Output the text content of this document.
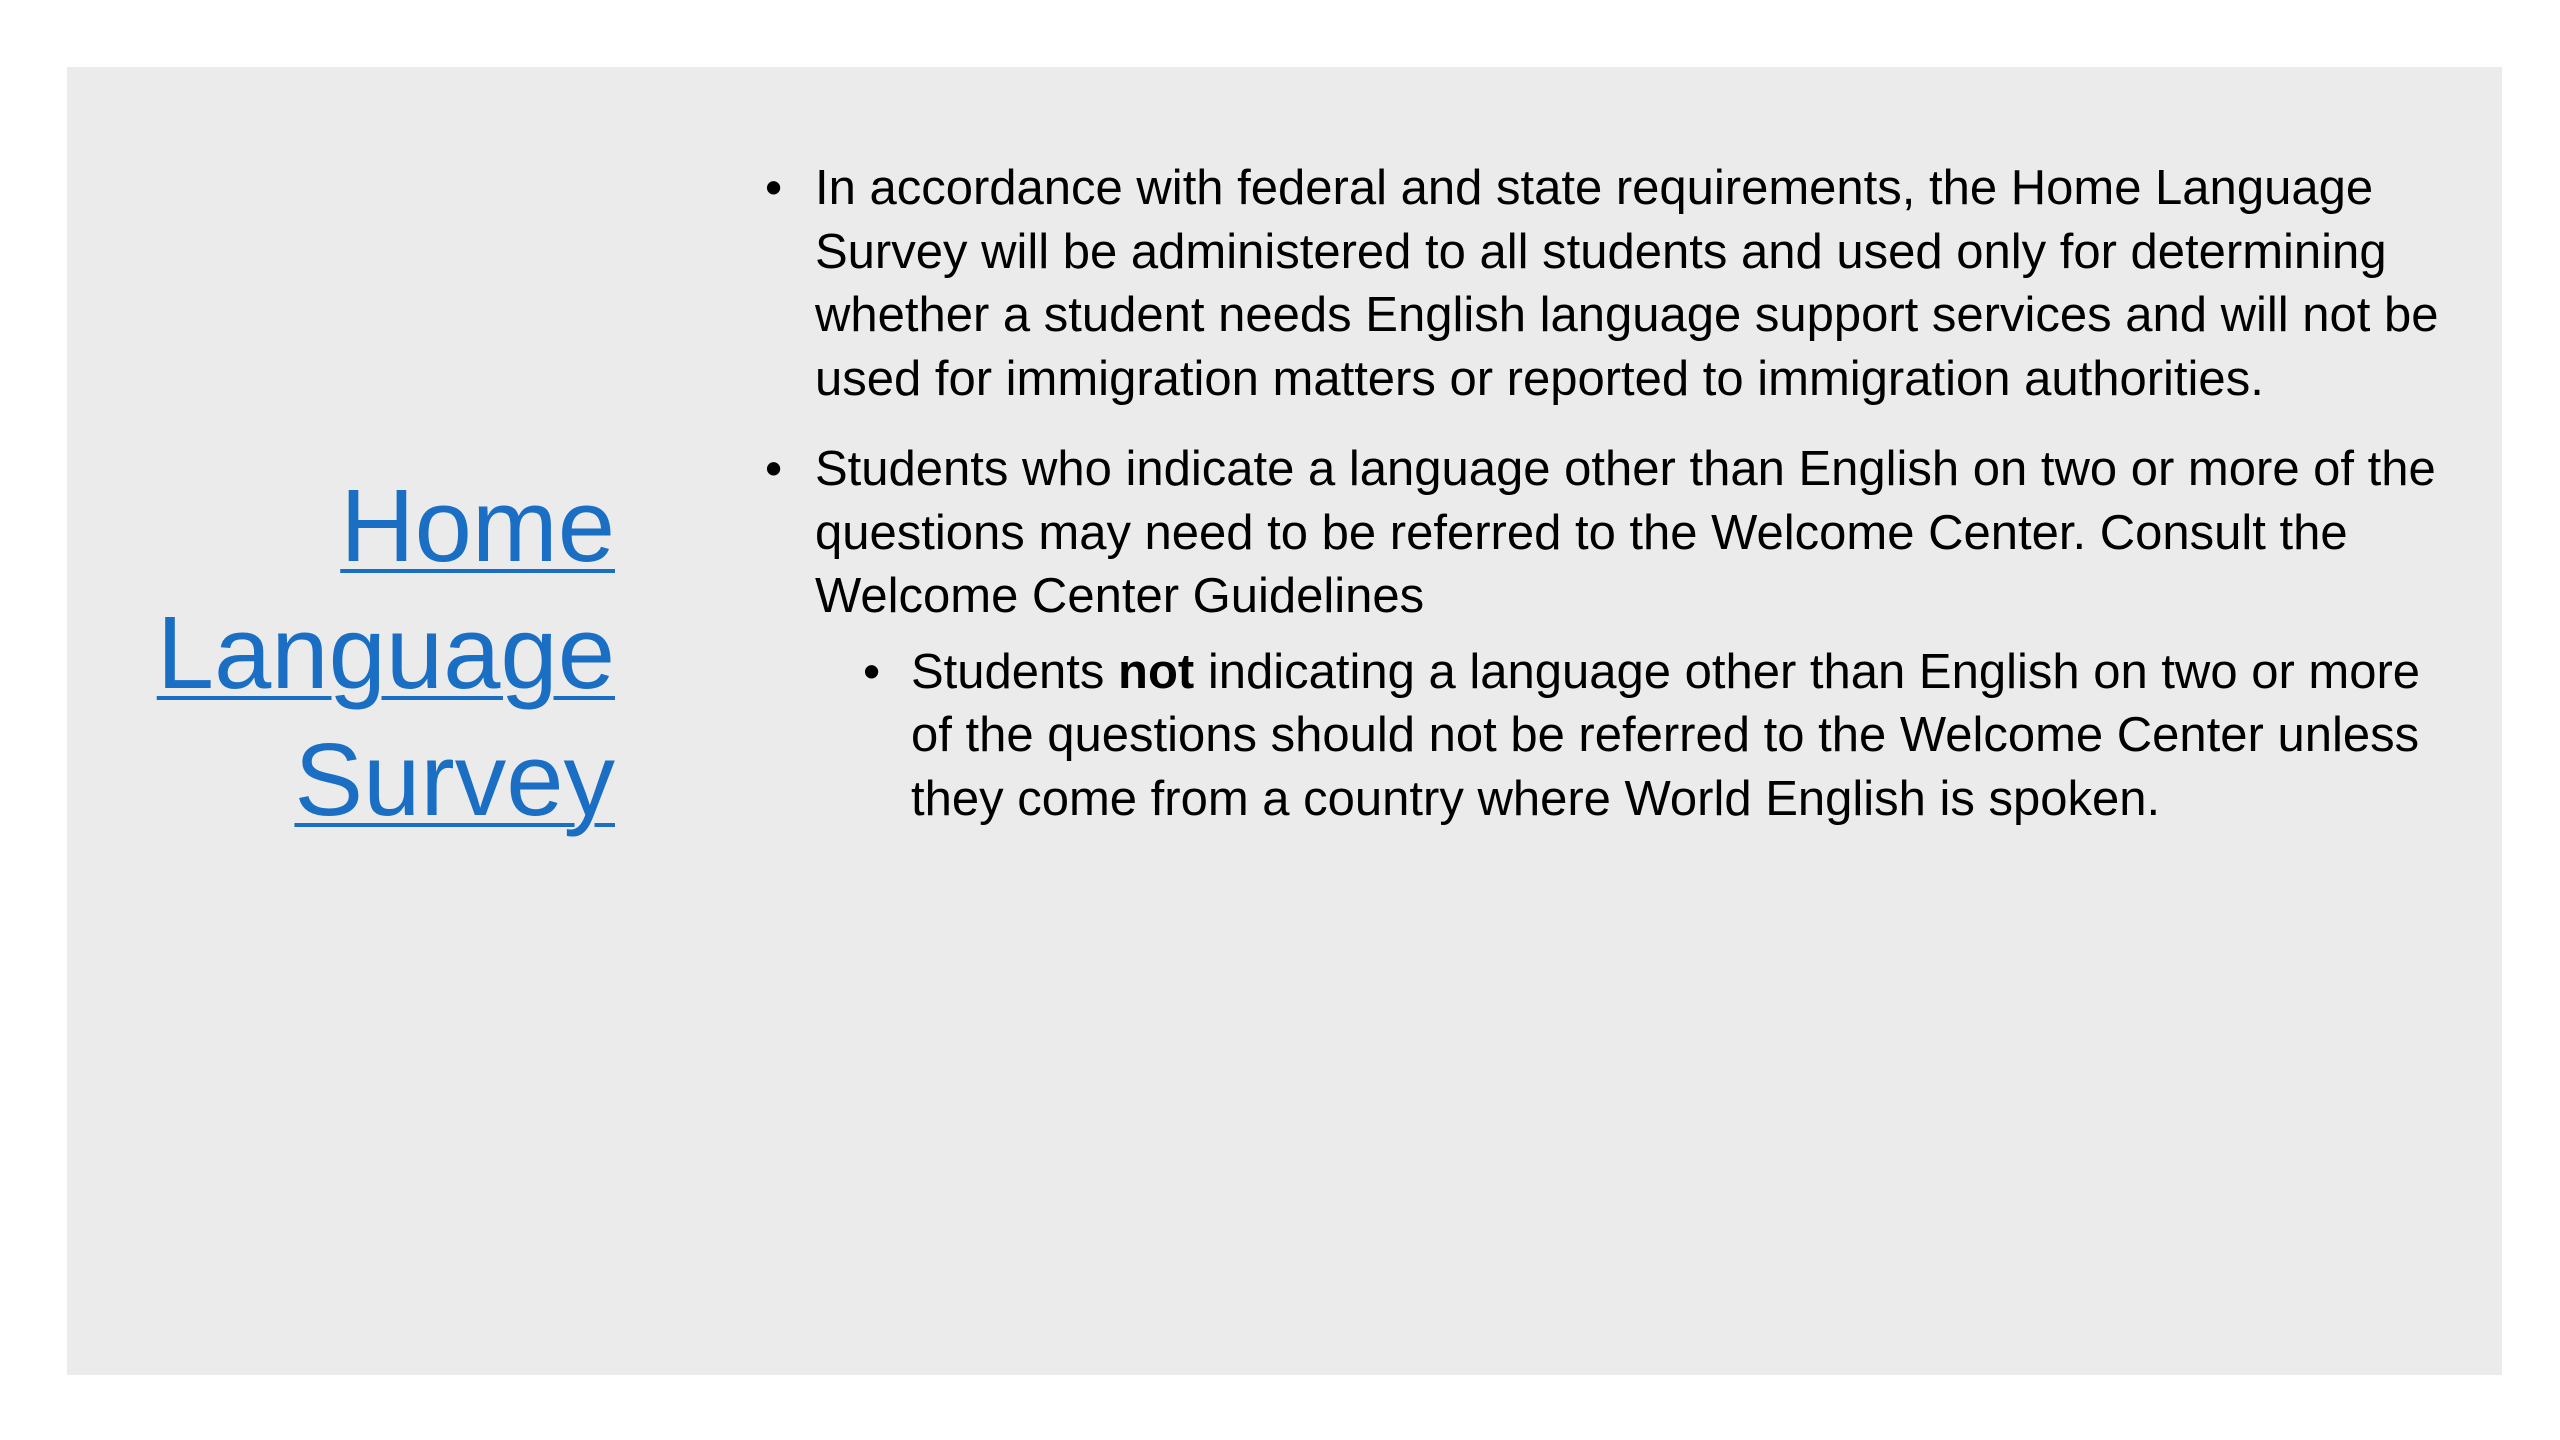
Home
Language
Survey
• In accordance with federal and state requirements, the Home Language Survey will be administered to all students and used only for determining whether a student needs English language support services and will not be used for immigration matters or reported to immigration authorities.
• Students who indicate a language other than English on two or more of the questions may need to be referred to the Welcome Center. Consult the Welcome Center Guidelines
• Students not indicating a language other than English on two or more of the questions should not be referred to the Welcome Center unless they come from a country where World English is spoken.
